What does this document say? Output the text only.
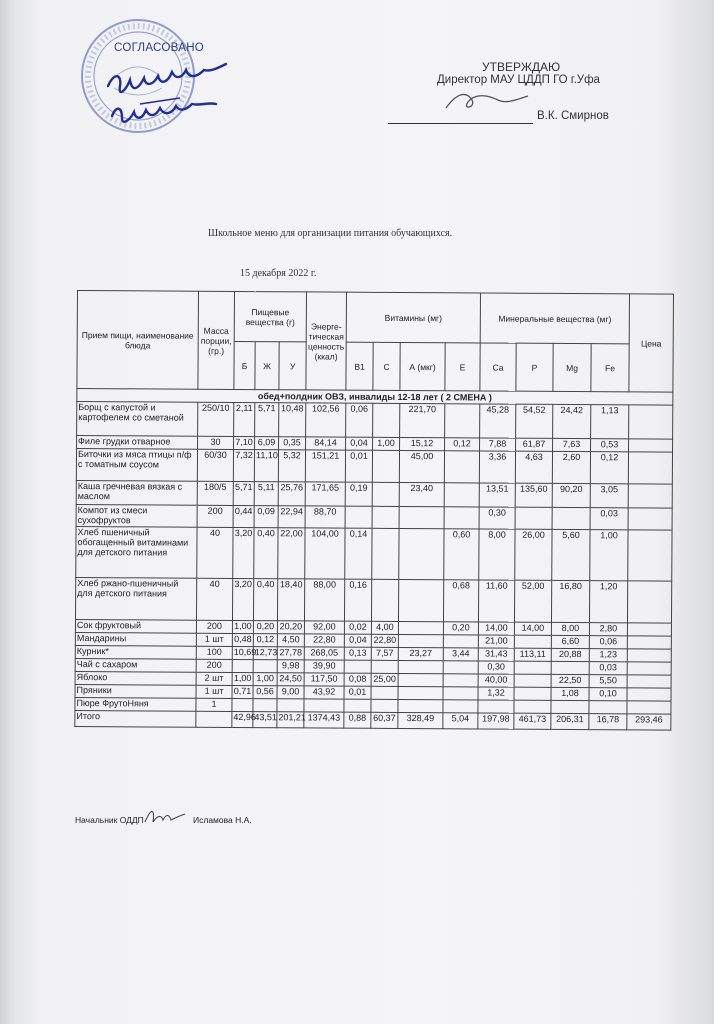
СОГЛАСОВАНО
УТВЕРЖДАЮ
Директор МАУ ЦДДП ГО г.Уфа
В.К. Смирнов
Школьное меню для организации питания обучающихся.
15 декабря 2022 г.
Прием пищи, наименование блюда	Масса порции, (гр.)	Пищевые вещества (г)			Энерге-тическая ценность (ккал)	Витамины (мг)				Минеральные вещества (мг)				Цена
		Б	Ж	У		В1	С	А (мкг)	Е	Са	Р	Mg	Fe	
обед+полдник ОВЗ, инвалиды 12-18 лет ( 2 СМЕНА )														
Борщ с капустой и картофелем со сметаной	250/10	2,11	5,71	10,48	102,56	0,06		221,70		45,28	54,52	24,42	1,13	
Филе грудки отварное	30	7,10	6,09	0,35	84,14	0,04	1,00	15,12	0,12	7,88	61,87	7,63	0,53	
Биточки из мяса птицы п/ф с томатным соусом	60/30	7,32	11,10	5,32	151,21	0,01		45,00		3,36	4,63	2,60	0,12	
Каша гречневая вязкая с маслом	180/5	5,71	5,11	25,76	171,65	0,19		23,40		13,51	135,60	90,20	3,05	
Компот из смеси сухофруктов	200	0,44	0,09	22,94	88,70					0,30			0,03	
Хлеб пшеничный обогащенный витаминами для детского питания	40	3,20	0,40	22,00	104,00	0,14			0,60	8,00	26,00	5,60	1,00	
Хлеб ржано-пшеничный для детского питания	40	3,20	0,40	18,40	88,00	0,16			0,68	11,60	52,00	16,80	1,20	
Сок фруктовый	200	1,00	0,20	20,20	92,00	0,02	4,00		0,20	14,00	14,00	8,00	2,80	
Мандарины	1 шт	0,48	0,12	4,50	22,80	0,04	22,80			21,00		6,60	0,06	
Курник*	100	10,69	12,73	27,78	268,05	0,13	7,57	23,27	3,44	31,43	113,11	20,88	1,23	
Чай с сахаром	200			9,98	39,90					0,30			0,03	
Яблоко	2 шт	1,00	1,00	24,50	117,50	0,08	25,00			40,00		22,50	5,50	
Пряники	1 шт	0,71	0,56	9,00	43,92	0,01				1,32		1,08	0,10	
Пюре ФрутоНяня	1													
Итого		42,96	43,51	201,21	1374,43	0,88	60,37	328,49	5,04	197,98	461,73	206,31	16,78	293,46
Начальник ОДДП	Исламова Н.А.
